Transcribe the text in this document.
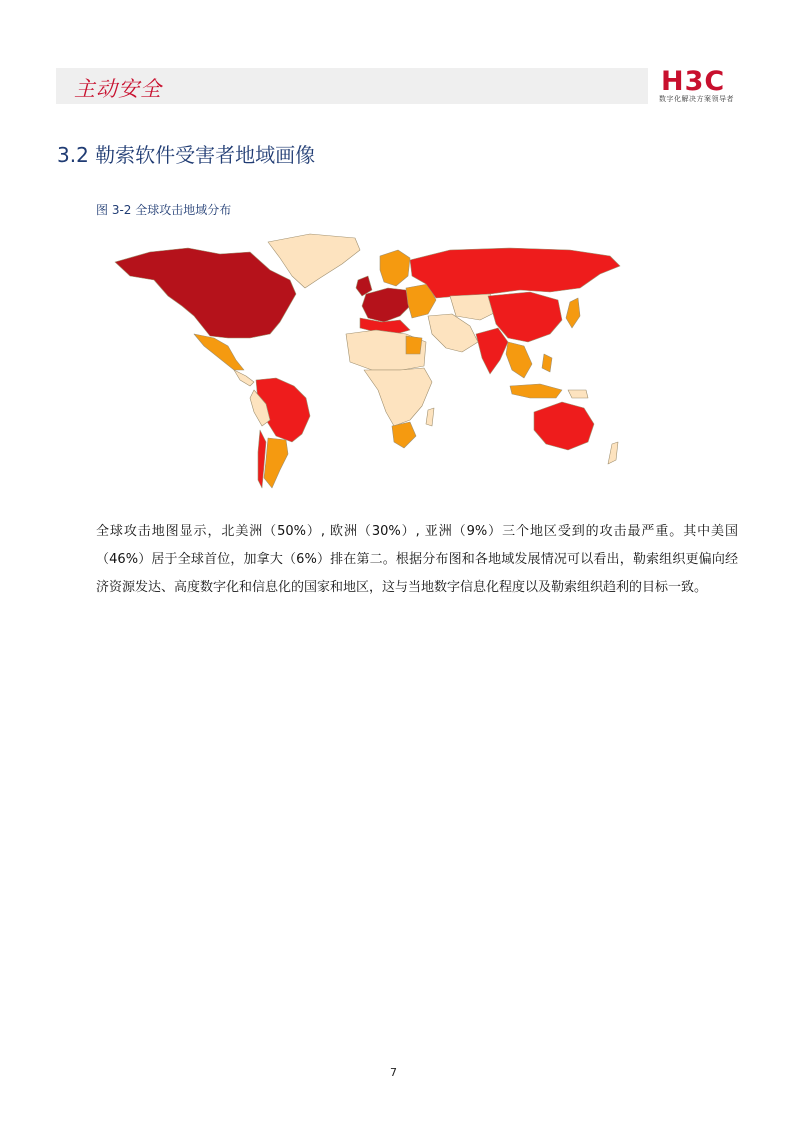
主动安全	H3C
数字化解决方案领导者
3.2 勒索软件受害者地域画像
图 3-2 全球攻击地域分布
全球攻击地图显示，北美洲（50%）, 欧洲（30%）, 亚洲（9%）三个地区受到的攻击最严重。其中美国（46%）居于全球首位，加拿大（6%）排在第二。根据分布图和各地域发展情况可以看出，勒索组织更偏向经济资源发达、高度数字化和信息化的国家和地区，这与当地数字信息化程度以及勒索组织趋利的目标一致。
7
